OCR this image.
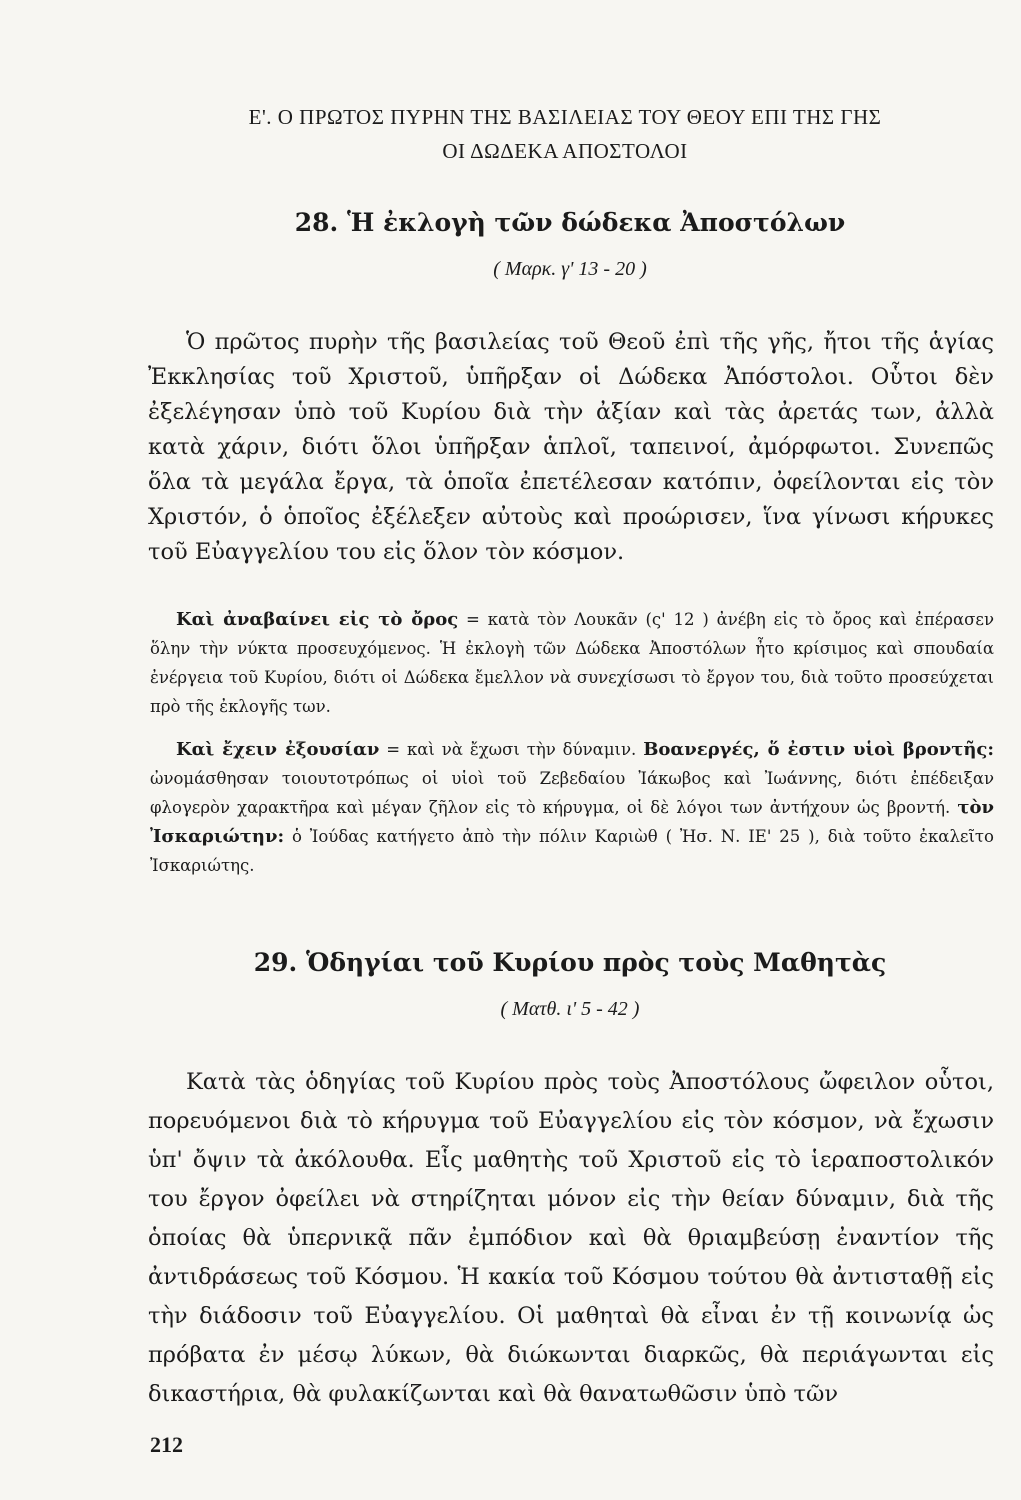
Ε'. Ο ΠΡΩΤΟΣ ΠΥΡΗΝ ΤΗΣ ΒΑΣΙΛΕΙΑΣ ΤΟΥ ΘΕΟΥ ΕΠΙ ΤΗΣ ΓΗΣ
ΟΙ ΔΩΔΕΚΑ ΑΠΟΣΤΟΛΟΙ
28. Ἡ ἐκλογὴ τῶν δώδεκα Ἀποστόλων
( Μαρκ. γ' 13 - 20 )
Ὁ πρῶτος πυρὴν τῆς βασιλείας τοῦ Θεοῦ ἐπὶ τῆς γῆς, ἤτοι τῆς ἁγίας Ἐκκλησίας τοῦ Χριστοῦ, ὑπῆρξαν οἱ Δώδεκα Ἀπόστολοι. Οὗτοι δὲν ἐξελέγησαν ὑπὸ τοῦ Κυρίου διὰ τὴν ἀξίαν καὶ τὰς ἀρετάς των, ἀλλὰ κατὰ χάριν, διότι ὅλοι ὑπῆρξαν ἁπλοῖ, ταπεινοί, ἀμόρφωτοι. Συνεπῶς ὅλα τὰ μεγάλα ἔργα, τὰ ὁποῖα ἐπετέλεσαν κατόπιν, ὀφείλονται εἰς τὸν Χριστόν, ὁ ὁποῖος ἐξέλεξεν αὐτοὺς καὶ προώρισεν, ἵνα γίνωσι κήρυκες τοῦ Εὐαγγελίου του εἰς ὅλον τὸν κόσμον.
Καὶ ἀναβαίνει εἰς τὸ ὄρος = κατὰ τὸν Λουκᾶν (ς' 12 ) ἀνέβη εἰς τὸ ὄρος καὶ ἐπέρασεν ὅλην τὴν νύκτα προσευχόμενος. Ἡ ἐκλογὴ τῶν Δώδεκα Ἀποστόλων ἦτο κρίσιμος καὶ σπουδαία ἐνέργεια τοῦ Κυρίου, διότι οἱ Δώδεκα ἔμελλον νὰ συνεχίσωσι τὸ ἔργον του, διὰ τοῦτο προσεύχεται πρὸ τῆς ἐκλογῆς των.
Καὶ ἔχειν ἐξουσίαν = καὶ νὰ ἔχωσι τὴν δύναμιν. Βοανεργές, ὅ ἐστιν υἱοὶ βροντῆς: ὠνομάσθησαν τοιουτοτρόπως οἱ υἱοὶ τοῦ Ζεβεδαίου Ἰάκωβος καὶ Ἰωάννης, διότι ἐπέδειξαν φλογερὸν χαρακτῆρα καὶ μέγαν ζῆλον εἰς τὸ κήρυγμα, οἱ δὲ λόγοι των ἀντήχουν ὡς βροντή. τὸν Ἰσκαριώτην: ὁ Ἰούδας κατήγετο ἀπὸ τὴν πόλιν Καριὼθ ( Ἠσ. Ν. ΙΕ' 25 ), διὰ τοῦτο ἐκαλεῖτο Ἰσκαριώτης.
29. Ὁδηγίαι τοῦ Κυρίου πρὸς τοὺς Μαθητὰς
( Ματθ. ι' 5 - 42 )
Κατὰ τὰς ὁδηγίας τοῦ Κυρίου πρὸς τοὺς Ἀποστόλους ὤφειλον οὗτοι, πορευόμενοι διὰ τὸ κήρυγμα τοῦ Εὐαγγελίου εἰς τὸν κόσμον, νὰ ἔχωσιν ὑπ' ὄψιν τὰ ἀκόλουθα. Εἷς μαθητὴς τοῦ Χριστοῦ εἰς τὸ ἱεραποστολικόν του ἔργον ὀφείλει νὰ στηρίζηται μόνον εἰς τὴν θείαν δύναμιν, διὰ τῆς ὁποίας θὰ ὑπερνικᾷ πᾶν ἐμπόδιον καὶ θὰ θριαμβεύσῃ ἐναντίον τῆς ἀντιδράσεως τοῦ Κόσμου. Ἡ κακία τοῦ Κόσμου τούτου θὰ ἀντισταθῇ εἰς τὴν διάδοσιν τοῦ Εὐαγγελίου. Οἱ μαθηταὶ θὰ εἶναι ἐν τῇ κοινωνίᾳ ὡς πρόβατα ἐν μέσῳ λύκων, θὰ διώκωνται διαρκῶς, θὰ περιάγωνται εἰς δικαστήρια, θὰ φυλακίζωνται καὶ θὰ θανατωθῶσιν ὑπὸ τῶν
212
